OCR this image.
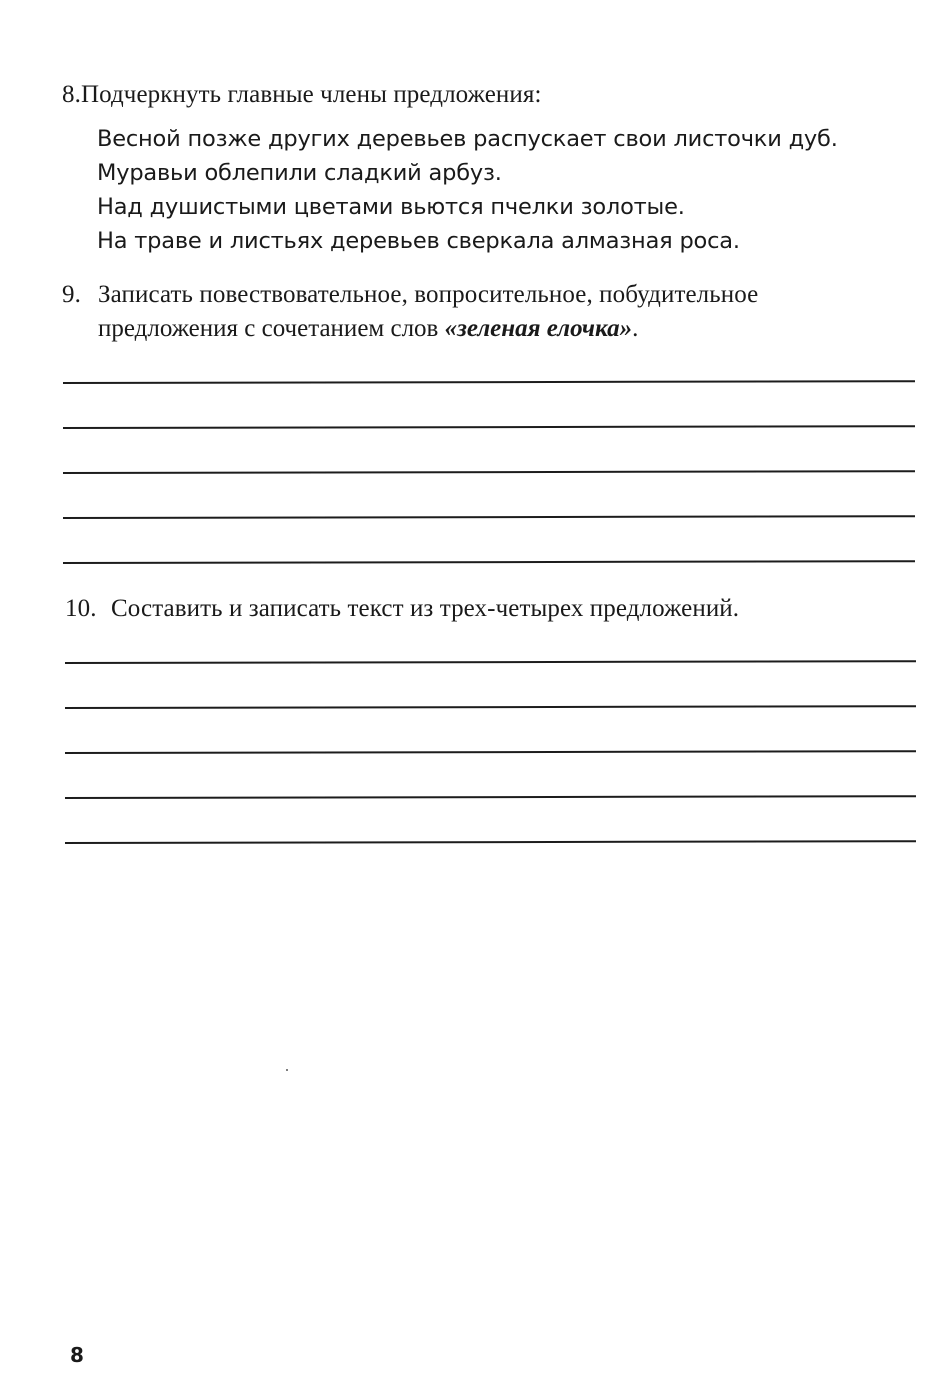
8.Подчеркнуть главные члены предложения:
Весной позже других деревьев распускает свои листочки дуб.
Муравьи облепили сладкий арбуз.
Над душистыми цветами вьются пчелки золотые.
На траве и листьях деревьев сверкала алмазная роса.
9. Записать повествовательное, вопросительное, побудительное
предложения с сочетанием слов «зеленая елочка».
10. Составить и записать текст из трех-четырех предложений.
8
